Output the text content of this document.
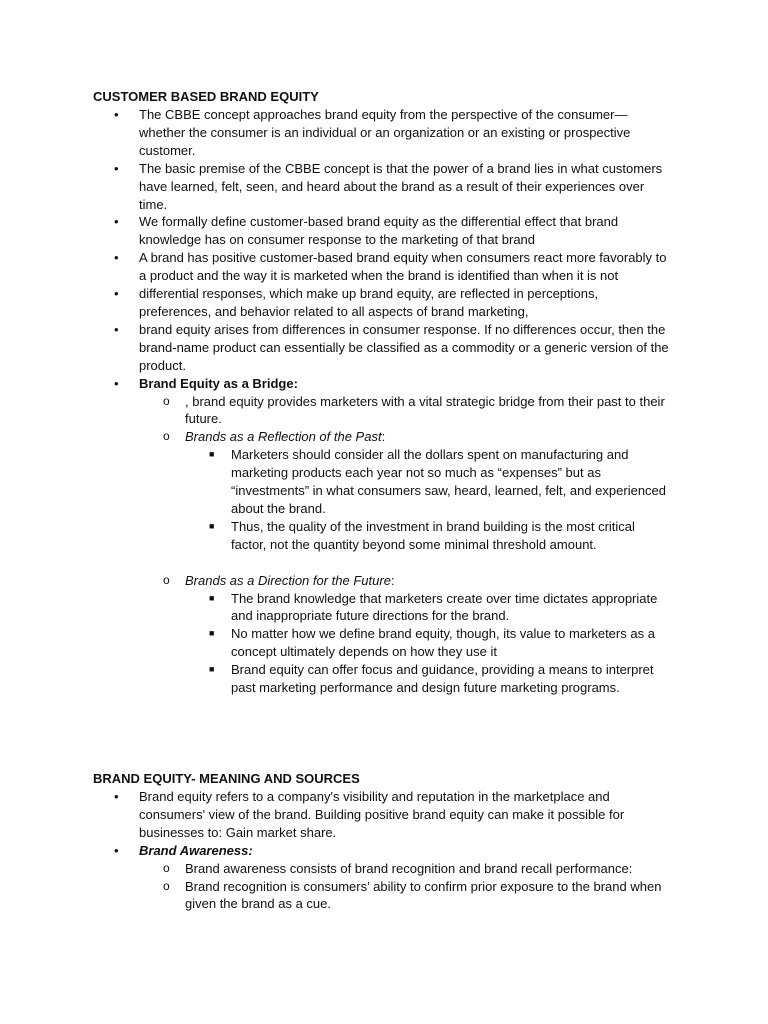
CUSTOMER BASED BRAND EQUITY

• The CBBE concept approaches brand equity from the perspective of the consumer—whether the consumer is an individual or an organization or an existing or prospective customer.
• The basic premise of the CBBE concept is that the power of a brand lies in what customers have learned, felt, seen, and heard about the brand as a result of their experiences over time.
• We formally define customer-based brand equity as the differential effect that brand knowledge has on consumer response to the marketing of that brand
• A brand has positive customer-based brand equity when consumers react more favorably to a product and the way it is marketed when the brand is identified than when it is not
• differential responses, which make up brand equity, are reflected in perceptions, preferences, and behavior related to all aspects of brand marketing,
• brand equity arises from differences in consumer response. If no differences occur, then the brand-name product can essentially be classified as a commodity or a generic version of the product.
• Brand Equity as a Bridge:
o , brand equity provides marketers with a vital strategic bridge from their past to their future.
o Brands as a Reflection of the Past:
■ Marketers should consider all the dollars spent on manufacturing and marketing products each year not so much as “expenses” but as “investments” in what consumers saw, heard, learned, felt, and experienced about the brand.
■ Thus, the quality of the investment in brand building is the most critical factor, not the quantity beyond some minimal threshold amount.
o Brands as a Direction for the Future:
■ The brand knowledge that marketers create over time dictates appropriate and inappropriate future directions for the brand.
■ No matter how we define brand equity, though, its value to marketers as a concept ultimately depends on how they use it
■ Brand equity can offer focus and guidance, providing a means to interpret past marketing performance and design future marketing programs.

BRAND EQUITY- MEANING AND SOURCES

• Brand equity refers to a company's visibility and reputation in the marketplace and consumers' view of the brand. Building positive brand equity can make it possible for businesses to: Gain market share.
• Brand Awareness:
o Brand awareness consists of brand recognition and brand recall performance:
o Brand recognition is consumers’ ability to confirm prior exposure to the brand when given the brand as a cue.
